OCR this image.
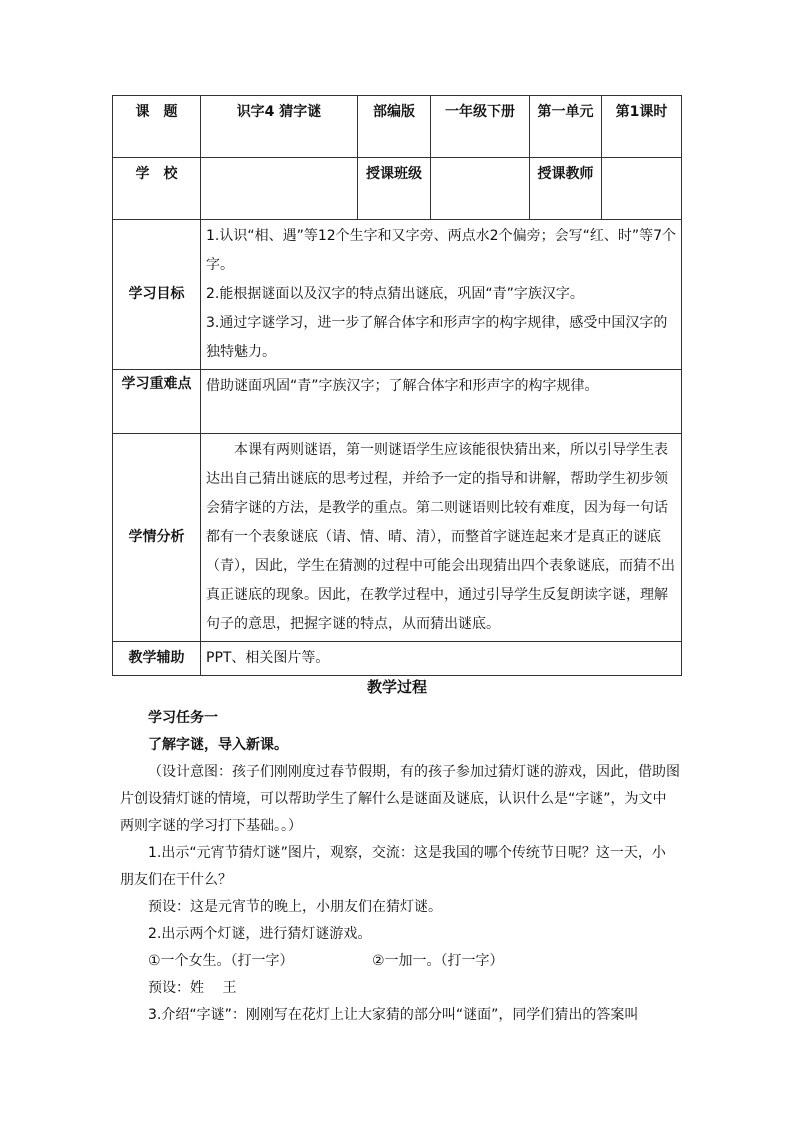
课　题	识字4 猜字谜	部编版	一年级下册	第一单元	第1课时
学　校		授课班级		授课教师	
学习目标	1.认识“相、遇”等12个生字和又字旁、两点水2个偏旁；会写“红、时”等7个字。

2.能根据谜面以及汉字的特点猜出谜底，巩固“青”字族汉字。

3.通过字谜学习，进一步了解合体字和形声字的构字规律，感受中国汉字的独特魅力。				

学习重难点	借助谜面巩固“青”字族汉字；了解合体字和形声字的构字规律。				
学情分析	本课有两则谜语，第一则谜语学生应该能很快猜出来，所以引导学生表达出自己猜出谜底的思考过程，并给予一定的指导和讲解，帮助学生初步领会猜字谜的方法，是教学的重点。第二则谜语则比较有难度，因为每一句话都有一个表象谜底（请、情、晴、清），而整首字谜连起来才是真正的谜底（青），因此，学生在猜测的过程中可能会出现猜出四个表象谜底，而猜不出真正谜底的现象。因此，在教学过程中，通过引导学生反复朗读字谜，理解句子的意思，把握字谜的特点，从而猜出谜底。				
教学辅助	PPT、相关图片等。				
教学过程
学习任务一
了解字谜，导入新课。
（设计意图：孩子们刚刚度过春节假期，有的孩子参加过猜灯谜的游戏，因此，借助图
片创设猜灯谜的情境，可以帮助学生了解什么是谜面及谜底，认识什么是“字谜”，为文中
两则字谜的学习打下基础。。）
1.出示“元宵节猜灯谜”图片，观察，交流：这是我国的哪个传统节日呢？这一天，小
朋友们在干什么？
预设：这是元宵节的晚上，小朋友们在猜灯谜。
2.出示两个灯谜，进行猜灯谜游戏。
①一个女生。（打一字）	②一加一。（打一字）
预设：姓　 王
3.介绍“字谜”：刚刚写在花灯上让大家猜的部分叫“谜面”，同学们猜出的答案叫
